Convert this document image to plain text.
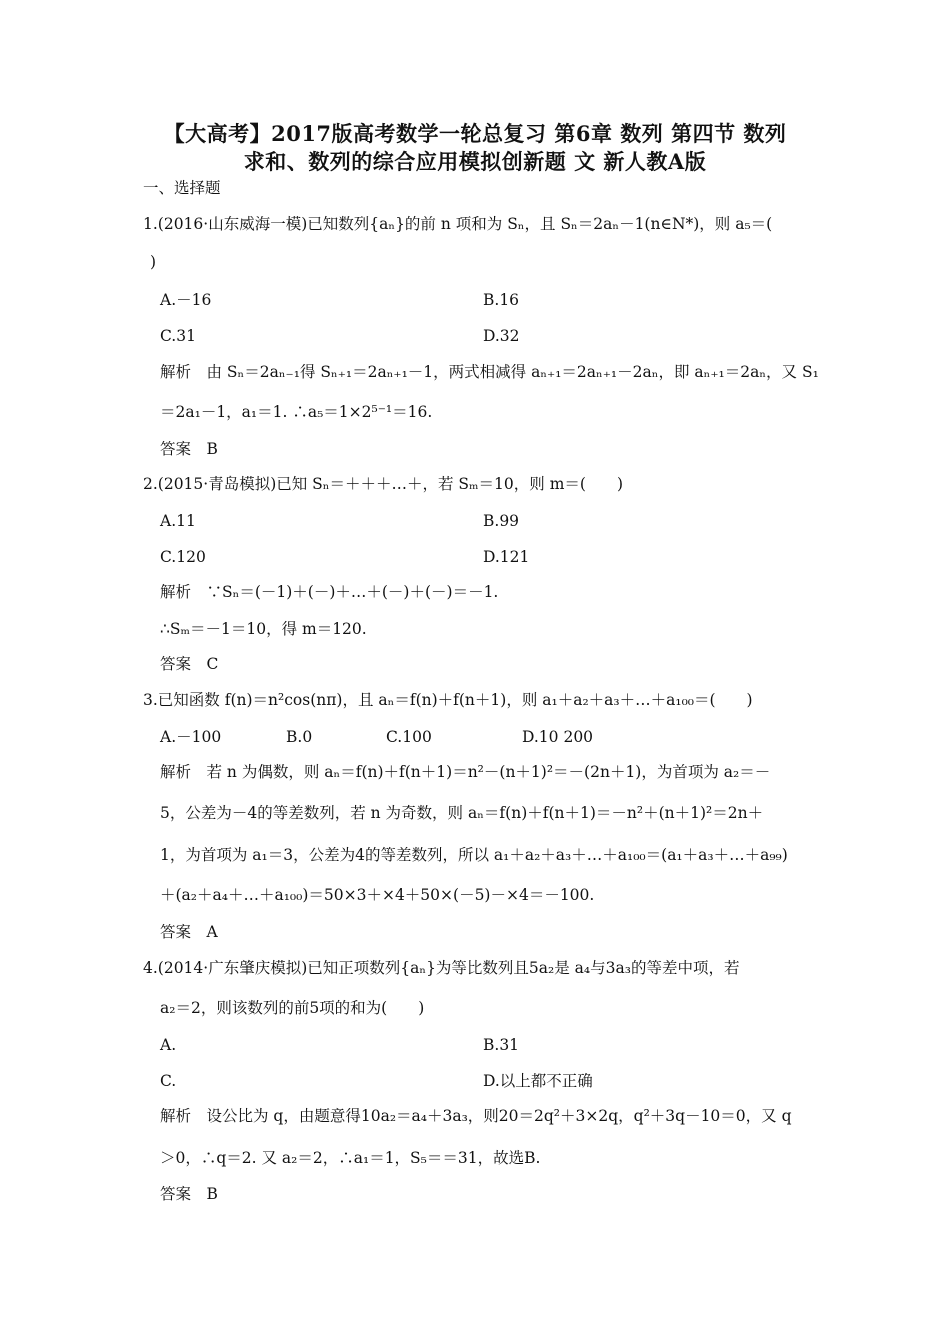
【大高考】2017版高考数学一轮总复习 第6章 数列 第四节 数列
求和、数列的综合应用模拟创新题 文 新人教A版
一、选择题
1.(2016·山东威海一模)已知数列{aₙ}的前 n 项和为 Sₙ，且 Sₙ＝2aₙ－1(n∈N*)，则 a₅＝(
)
A.－16	B.16
C.31	D.32
解析　由 Sₙ＝2aₙ₋₁得 Sₙ₊₁＝2aₙ₊₁－1，两式相减得 aₙ₊₁＝2aₙ₊₁－2aₙ，即 aₙ₊₁＝2aₙ，又 S₁
＝2a₁－1，a₁＝1. ∴a₅＝1×2⁵⁻¹＝16.
答案　B
2.(2015·青岛模拟)已知 Sₙ＝＋＋＋…＋，若 Sₘ＝10，则 m＝(　　)
A.11	B.99
C.120	D.121
解析　∵Sₙ＝(－1)＋(－)＋…＋(－)＋(－)＝－1.
∴Sₘ＝－1＝10，得 m＝120.
答案　C
3.已知函数 f(n)＝n²cos(nπ)，且 aₙ＝f(n)＋f(n＋1)，则 a₁＋a₂＋a₃＋…＋a₁₀₀＝(　　)
A.－100	B.0	C.100	D.10 200
解析　若 n 为偶数，则 aₙ＝f(n)＋f(n＋1)＝n²－(n＋1)²＝－(2n＋1)，为首项为 a₂＝－
5，公差为－4的等差数列，若 n 为奇数，则 aₙ＝f(n)＋f(n＋1)＝－n²＋(n＋1)²＝2n＋
1，为首项为 a₁＝3，公差为4的等差数列，所以 a₁＋a₂＋a₃＋…＋a₁₀₀＝(a₁＋a₃＋…＋a₉₉)
＋(a₂＋a₄＋…＋a₁₀₀)＝50×3＋×4＋50×(－5)－×4＝－100.
答案　A
4.(2014·广东肇庆模拟)已知正项数列{aₙ}为等比数列且5a₂是 a₄与3a₃的等差中项，若
a₂＝2，则该数列的前5项的和为(　　)
A.	B.31
C.	D.以上都不正确
解析　设公比为 q，由题意得10a₂＝a₄＋3a₃，则20＝2q²＋3×2q，q²＋3q－10＝0，又 q
＞0，∴q＝2. 又 a₂＝2，∴a₁＝1，S₅＝＝31，故选B.
答案　B
